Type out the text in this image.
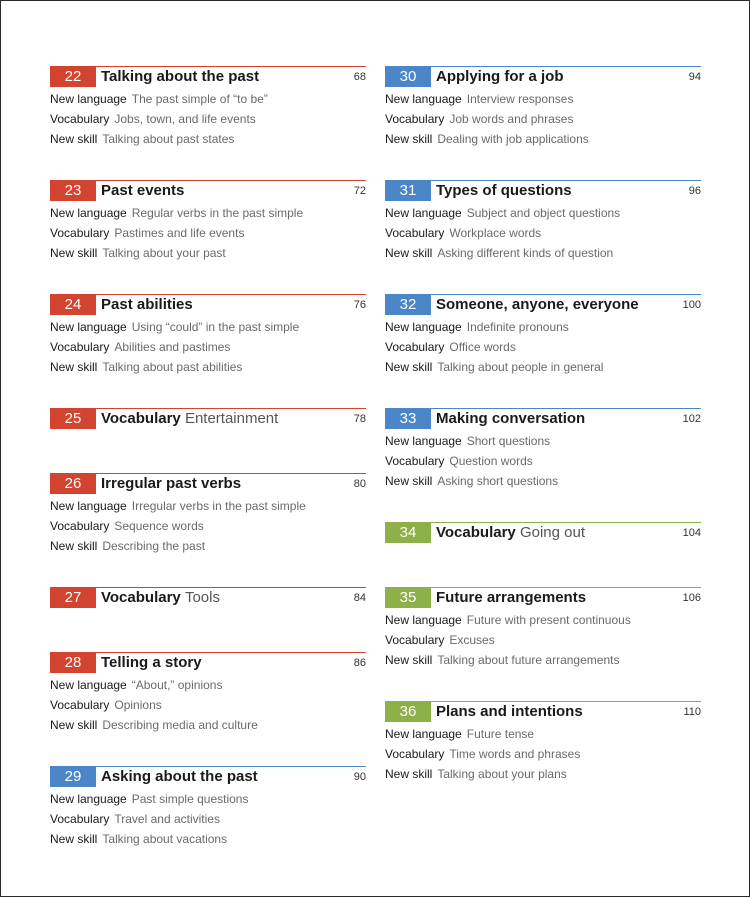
22	Talking about the past	68
New language The past simple of “to be”
Vocabulary Jobs, town, and life events
New skill Talking about past states
23	Past events	72
New language Regular verbs in the past simple
Vocabulary Pastimes and life events
New skill Talking about your past
24	Past abilities	76
New language Using “could” in the past simple
Vocabulary Abilities and pastimes
New skill Talking about past abilities
25	Vocabulary Entertainment	78
26	Irregular past verbs	80
New language Irregular verbs in the past simple
Vocabulary Sequence words
New skill Describing the past
27	Vocabulary Tools	84
28	Telling a story	86
New language “About,” opinions
Vocabulary Opinions
New skill Describing media and culture
29	Asking about the past	90
New language Past simple questions
Vocabulary Travel and activities
New skill Talking about vacations
30	Applying for a job	94
New language Interview responses
Vocabulary Job words and phrases
New skill Dealing with job applications
31	Types of questions	96
New language Subject and object questions
Vocabulary Workplace words
New skill Asking different kinds of question
32	Someone, anyone, everyone	100
New language Indefinite pronouns
Vocabulary Office words
New skill Talking about people in general
33	Making conversation	102
New language Short questions
Vocabulary Question words
New skill Asking short questions
34	Vocabulary Going out	104
35	Future arrangements	106
New language Future with present continuous
Vocabulary Excuses
New skill Talking about future arrangements
36	Plans and intentions	110
New language Future tense
Vocabulary Time words and phrases
New skill Talking about your plans
